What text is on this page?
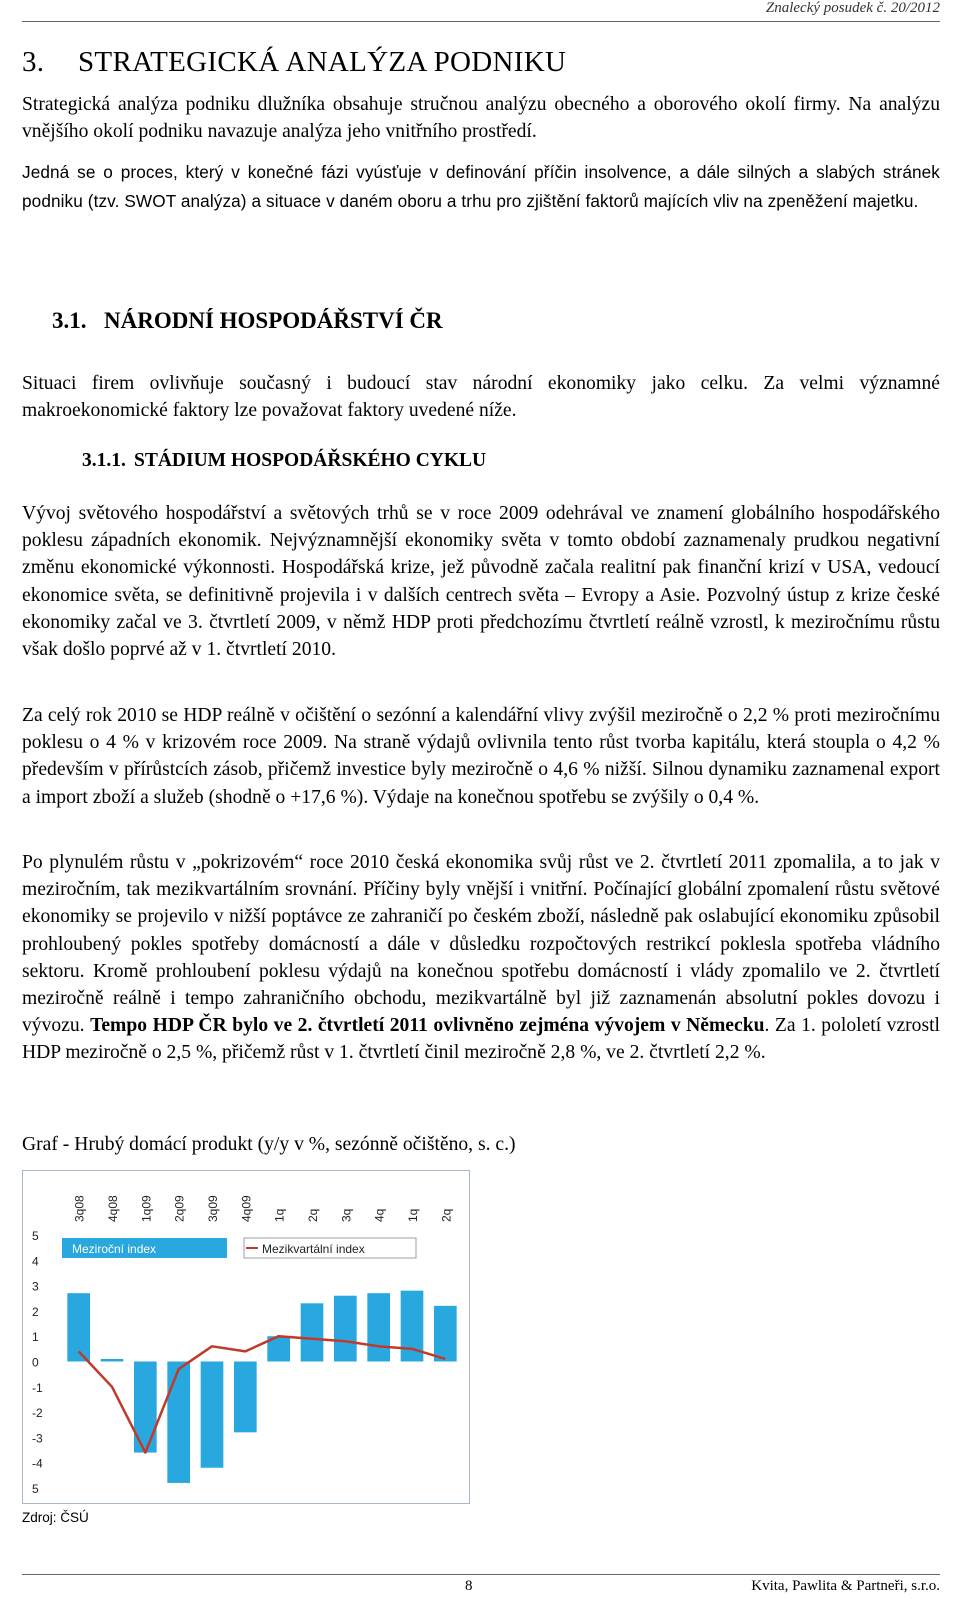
Znalecký posudek č. 20/2012
3. STRATEGICKÁ ANALÝZA PODNIKU

Strategická analýza podniku dlužníka obsahuje stručnou analýzu obecného a oborového okolí firmy. Na analýzu vnějšího okolí podniku navazuje analýza jeho vnitřního prostředí.

Jedná se o proces, který v konečné fázi vyúsťuje v definování příčin insolvence, a dále silných a slabých stránek podniku (tzv. SWOT analýza) a situace v daném oboru a trhu pro zjištění faktorů majících vliv na zpeněžení majetku.

3.1. NÁRODNÍ HOSPODÁŘSTVÍ ČR

Situaci firem ovlivňuje současný i budoucí stav národní ekonomiky jako celku. Za velmi významné makroekonomické faktory lze považovat faktory uvedené níže.

3.1.1. STÁDIUM HOSPODÁŘSKÉHO CYKLU

Vývoj světového hospodářství a světových trhů se v roce 2009 odehrával ve znamení globálního hospodářského poklesu západních ekonomik. Nejvýznamnější ekonomiky světa v tomto období zaznamenaly prudkou negativní změnu ekonomické výkonnosti. Hospodářská krize, jež původně začala realitní pak finanční krizí v USA, vedoucí ekonomice světa, se definitivně projevila i v dalších centrech světa – Evropy a Asie. Pozvolný ústup z krize české ekonomiky začal ve 3. čtvrtletí 2009, v němž HDP proti předchozímu čtvrtletí reálně vzrostl, k meziročnímu růstu však došlo poprvé až v 1. čtvrtletí 2010.

Za celý rok 2010 se HDP reálně v očištění o sezónní a kalendářní vlivy zvýšil meziročně o 2,2 % proti meziročnímu poklesu o 4 % v krizovém roce 2009. Na straně výdajů ovlivnila tento růst tvorba kapitálu, která stoupla o 4,2 % především v přírůstcích zásob, přičemž investice byly meziročně o 4,6 % nižší. Silnou dynamiku zaznamenal export a import zboží a služeb (shodně o +17,6 %). Výdaje na konečnou spotřebu se zvýšily o 0,4 %.

Po plynulém růstu v „pokrizovém“ roce 2010 česká ekonomika svůj růst ve 2. čtvrtletí 2011 zpomalila, a to jak v meziročním, tak mezikvartálním srovnání. Příčiny byly vnější i vnitřní. Počínající globální zpomalení růstu světové ekonomiky se projevilo v nižší poptávce ze zahraničí po českém zboží, následně pak oslabující ekonomiku způsobil prohloubený pokles spotřeby domácností a dále v důsledku rozpočtových restrikcí poklesla spotřeba vládního sektoru. Kromě prohloubení poklesu výdajů na konečnou spotřebu domácností i vlády zpomalilo ve 2. čtvrtletí meziročně reálně i tempo zahraničního obchodu, mezikvartálně byl již zaznamenán absolutní pokles dovozu i vývozu. Tempo HDP ČR bylo ve 2. čtvrtletí 2011 ovlivněno zejména vývojem v Německu. Za 1. pololetí vzrostl HDP meziročně o 2,5 %, přičemž růst v 1. čtvrtletí činil meziročně 2,8 %, ve 2. čtvrtletí 2,2 %.

Graf - Hrubý domácí produkt (y/y v %, sezónně očištěno, s. c.)

5
4
3
2
1
0
-1
-2
-3
-4
5
3q08 4q08 1q09 2q09 3q09 4q09 1q 2q 3q 4q 1q 2q
Meziroční index	Mezikvartální index
Zdroj: ČSÚ
8	Kvita, Pawlita & Partneři, s.r.o.
